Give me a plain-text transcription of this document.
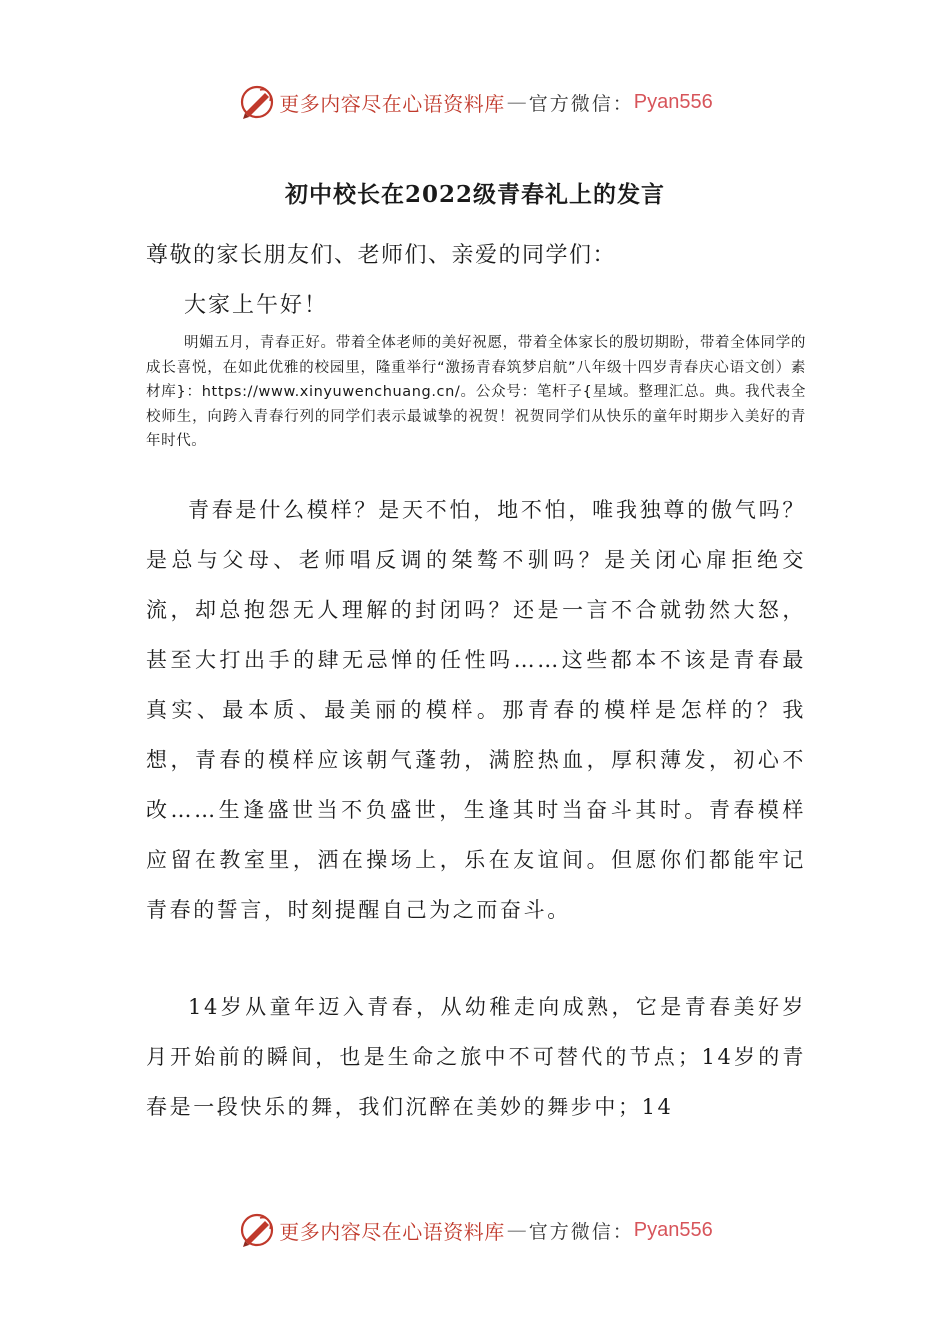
更多内容尽在心语资料库 — 官方微信： Pyan556
初中校长在2022级青春礼上的发言

尊敬的家长朋友们、老师们、亲爱的同学们：

大家上午好！

明媚五月，青春正好。带着全体老师的美好祝愿，带着全体家长的殷切期盼，带着全体同学的成长喜悦，在如此优雅的校园里，隆重举行“激扬青春筑梦启航”八年级十四岁青春庆心语文创）素材库}：https://www.xinyuwenchuang.cn/。公众号：笔杆子{星域。整理汇总。典。我代表全校师生，向跨入青春行列的同学们表示最诚挚的祝贺！祝贺同学们从快乐的童年时期步入美好的青年时代。

青春是什么模样？是天不怕，地不怕，唯我独尊的傲气吗？是总与父母、老师唱反调的桀骜不驯吗？是关闭心扉拒绝交流，却总抱怨无人理解的封闭吗？还是一言不合就勃然大怒，甚至大打出手的肆无忌惮的任性吗……这些都本不该是青春最真实、最本质、最美丽的模样。那青春的模样是怎样的？我想，青春的模样应该朝气蓬勃，满腔热血，厚积薄发，初心不改……生逢盛世当不负盛世，生逢其时当奋斗其时。青春模样应留在教室里，洒在操场上，乐在友谊间。但愿你们都能牢记青春的誓言，时刻提醒自己为之而奋斗。

14岁从童年迈入青春，从幼稚走向成熟，它是青春美好岁月开始前的瞬间，也是生命之旅中不可替代的节点；14岁的青春是一段快乐的舞，我们沉醉在美妙的舞步中；14

更多内容尽在心语资料库 — 官方微信： Pyan556
